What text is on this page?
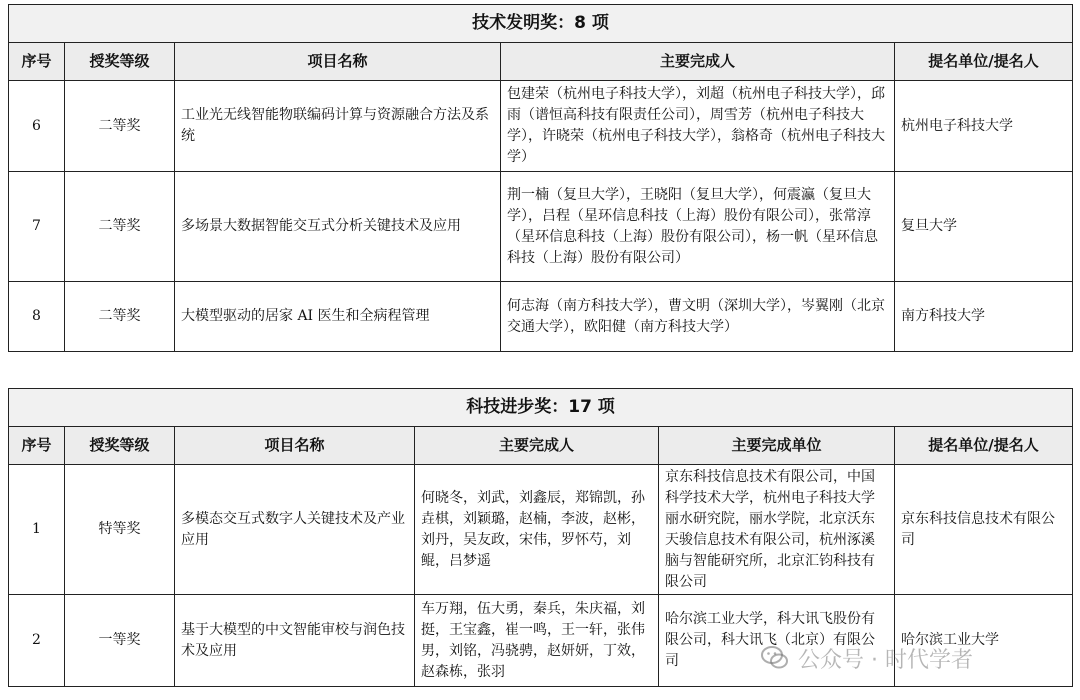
技术发明奖：8 项				
序号	授奖等级	项目名称	主要完成人	提名单位/提名人
6	二等奖	工业光无线智能物联编码计算与资源融合方法及系统	包建荣（杭州电子科技大学），刘超（杭州电子科技大学），邱雨（谱恒高科技有限责任公司），周雪芳（杭州电子科技大学），许晓荣（杭州电子科技大学），翁格奇（杭州电子科技大学）	杭州电子科技大学
7	二等奖	多场景大数据智能交互式分析关键技术及应用	荆一楠（复旦大学），王晓阳（复旦大学），何震瀛（复旦大学），吕程（星环信息科技（上海）股份有限公司），张常淳（星环信息科技（上海）股份有限公司），杨一帆（星环信息科技（上海）股份有限公司）	复旦大学
8	二等奖	大模型驱动的居家 AI 医生和全病程管理	何志海（南方科技大学），曹文明（深圳大学），岑翼刚（北京交通大学），欧阳健（南方科技大学）	南方科技大学
科技进步奖：17 项					
序号	授奖等级	项目名称	主要完成人	主要完成单位	提名单位/提名人
1	特等奖	多模态交互式数字人关键技术及产业应用	何晓冬，刘武，刘鑫辰，郑锦凯，孙垚棋，刘颖璐，赵楠，李波，赵彬，刘丹，吴友政，宋伟，罗怀芍，刘鲲，吕梦遥	京东科技信息技术有限公司，中国科学技术大学，杭州电子科技大学丽水研究院，丽水学院，北京沃东天骏信息技术有限公司，杭州涿溪脑与智能研究所，北京汇钧科技有限公司	京东科技信息技术有限公司
2	一等奖	基于大模型的中文智能审校与润色技术及应用	车万翔，伍大勇，秦兵，朱庆福，刘挺，王宝鑫，崔一鸣，王一轩，张伟男，刘铭，冯骁骋，赵妍妍，丁效，赵森栋，张羽	哈尔滨工业大学，科大讯飞股份有限公司，科大讯飞（北京）有限公司	哈尔滨工业大学
公众号 · 时代学者
